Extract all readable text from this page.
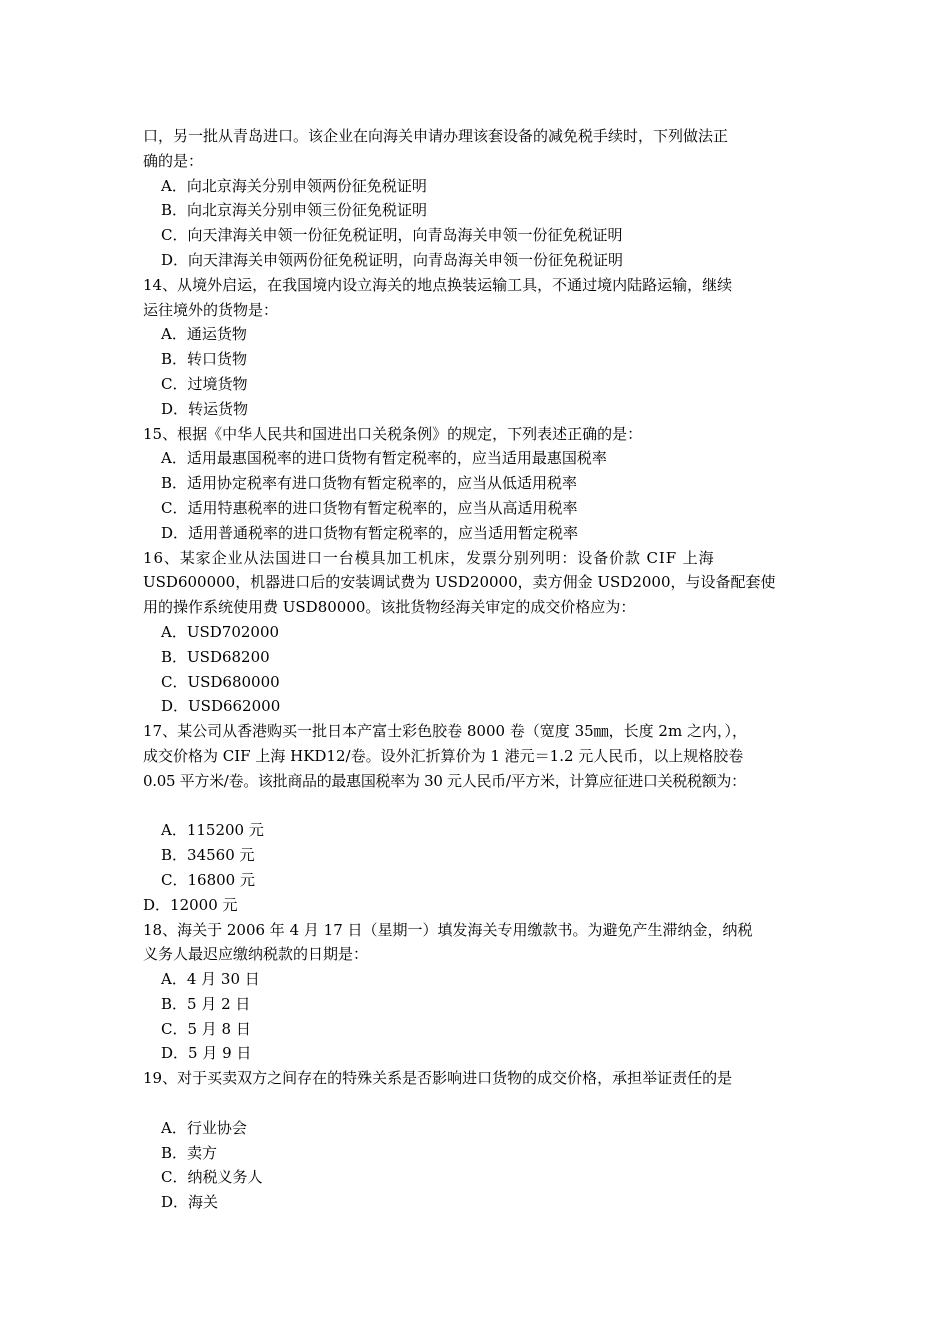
口，另一批从青岛进口。该企业在向海关申请办理该套设备的减免税手续时，下列做法正
确的是：
A．向北京海关分别申领两份征免税证明
B．向北京海关分别申领三份征免税证明
C．向天津海关申领一份征免税证明，向青岛海关申领一份征免税证明
D．向天津海关申领两份征免税证明，向青岛海关申领一份征免税证明
14、从境外启运，在我国境内设立海关的地点换装运输工具，不通过境内陆路运输，继续
运往境外的货物是：
A．通运货物
B．转口货物
C．过境货物
D．转运货物
15、根据《中华人民共和国进出口关税条例》的规定，下列表述正确的是：
A．适用最惠国税率的进口货物有暂定税率的，应当适用最惠国税率
B．适用协定税率有进口货物有暂定税率的，应当从低适用税率
C．适用特惠税率的进口货物有暂定税率的，应当从高适用税率
D．适用普通税率的进口货物有暂定税率的，应当适用暂定税率
16、某家企业从法国进口一台模具加工机床，发票分别列明：设备价款 CIF 上海
USD600000，机器进口后的安装调试费为 USD20000，卖方佣金 USD2000，与设备配套使
用的操作系统使用费 USD80000。该批货物经海关审定的成交价格应为：
A．USD702000
B．USD68200
C．USD680000
D．USD662000
17、某公司从香港购买一批日本产富士彩色胶卷 8000 卷（宽度 35㎜，长度 2m 之内，），
成交价格为 CIF 上海 HKD12/卷。设外汇折算价为 1 港元＝1.2 元人民币，以上规格胶卷
0.05 平方米/卷。该批商品的最惠国税率为 30 元人民币/平方米，计算应征进口关税税额为：
A．115200 元
B．34560 元
C．16800 元
D．12000 元
18、海关于 2006 年 4 月 17 日（星期一）填发海关专用缴款书。为避免产生滞纳金，纳税
义务人最迟应缴纳税款的日期是：
A．4 月 30 日
B．5 月 2 日
C．5 月 8 日
D．5 月 9 日
19、对于买卖双方之间存在的特殊关系是否影响进口货物的成交价格，承担举证责任的是
A．行业协会
B．卖方
C．纳税义务人
D．海关
